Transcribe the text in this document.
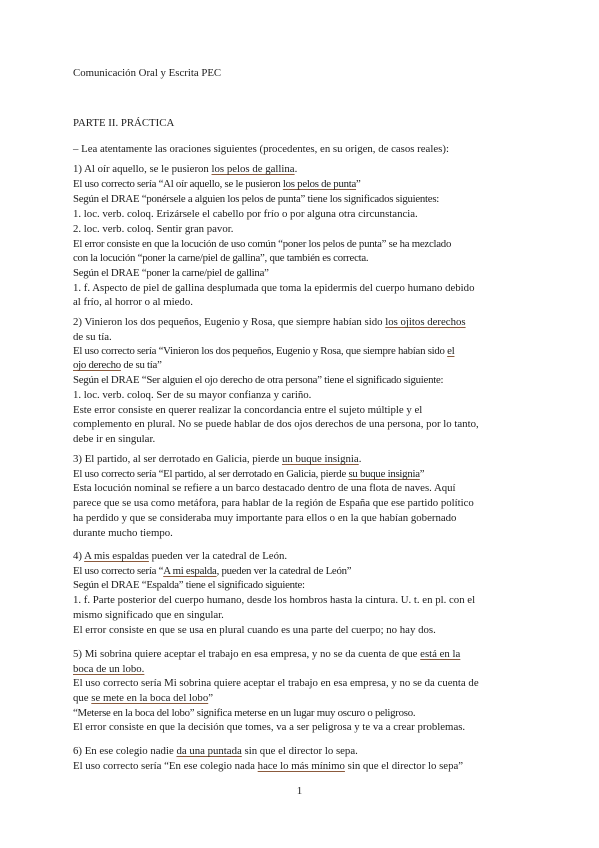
Comunicación Oral y Escrita PEC
PARTE II. PRÁCTICA
– Lea atentamente las oraciones siguientes (procedentes, en su origen, de casos reales):
1) Al oír aquello, se le pusieron los pelos de gallina.
El uso correcto sería “Al oír aquello, se le pusieron los pelos de punta”
Según el DRAE “ponérsele a alguien los pelos de punta” tiene los significados siguientes:
1. loc. verb. coloq. Erizársele el cabello por frío o por alguna otra circunstancia.
2. loc. verb. coloq. Sentir gran pavor.
El error consiste en que la locución de uso común “poner los pelos de punta” se ha mezclado
con la locución “poner la carne/piel de gallina”, que también es correcta.
Según el DRAE “poner la carne/piel de gallina”
1. f. Aspecto de piel de gallina desplumada que toma la epidermis del cuerpo humano debido
al frío, al horror o al miedo.
2) Vinieron los dos pequeños, Eugenio y Rosa, que siempre habían sido los ojitos derechos
de su tía.
El uso correcto sería “Vinieron los dos pequeños, Eugenio y Rosa, que siempre habían sido el
ojo derecho de su tía”
Según el DRAE “Ser alguien el ojo derecho de otra persona” tiene el significado siguiente:
1. loc. verb. coloq. Ser de su mayor confianza y cariño.
Este error consiste en querer realizar la concordancia entre el sujeto múltiple y el
complemento en plural. No se puede hablar de dos ojos derechos de una persona, por lo tanto,
debe ir en singular.
3) El partido, al ser derrotado en Galicia, pierde un buque insignia.
El uso correcto sería “El partido, al ser derrotado en Galicia, pierde su buque insignia”
Esta locución nominal se refiere a un barco destacado dentro de una flota de naves. Aquí
parece que se usa como metáfora, para hablar de la región de España que ese partido político
ha perdido y que se consideraba muy importante para ellos o en la que habían gobernado
durante mucho tiempo.
4) A mis espaldas pueden ver la catedral de León.
El uso correcto sería “A mi espalda, pueden ver la catedral de León”
Según el DRAE “Espalda” tiene el significado siguiente:
1. f. Parte posterior del cuerpo humano, desde los hombros hasta la cintura. U. t. en pl. con el
mismo significado que en singular.
El error consiste en que se usa en plural cuando es una parte del cuerpo; no hay dos.
5) Mi sobrina quiere aceptar el trabajo en esa empresa, y no se da cuenta de que está en la
boca de un lobo.
El uso correcto sería Mi sobrina quiere aceptar el trabajo en esa empresa, y no se da cuenta de
que se mete en la boca del lobo”
“Meterse en la boca del lobo” significa meterse en un lugar muy oscuro o peligroso.
El error consiste en que la decisión que tomes, va a ser peligrosa y te va a crear problemas.
6) En ese colegio nadie da una puntada sin que el director lo sepa.
El uso correcto sería “En ese colegio nada hace lo más mínimo sin que el director lo sepa”
1
